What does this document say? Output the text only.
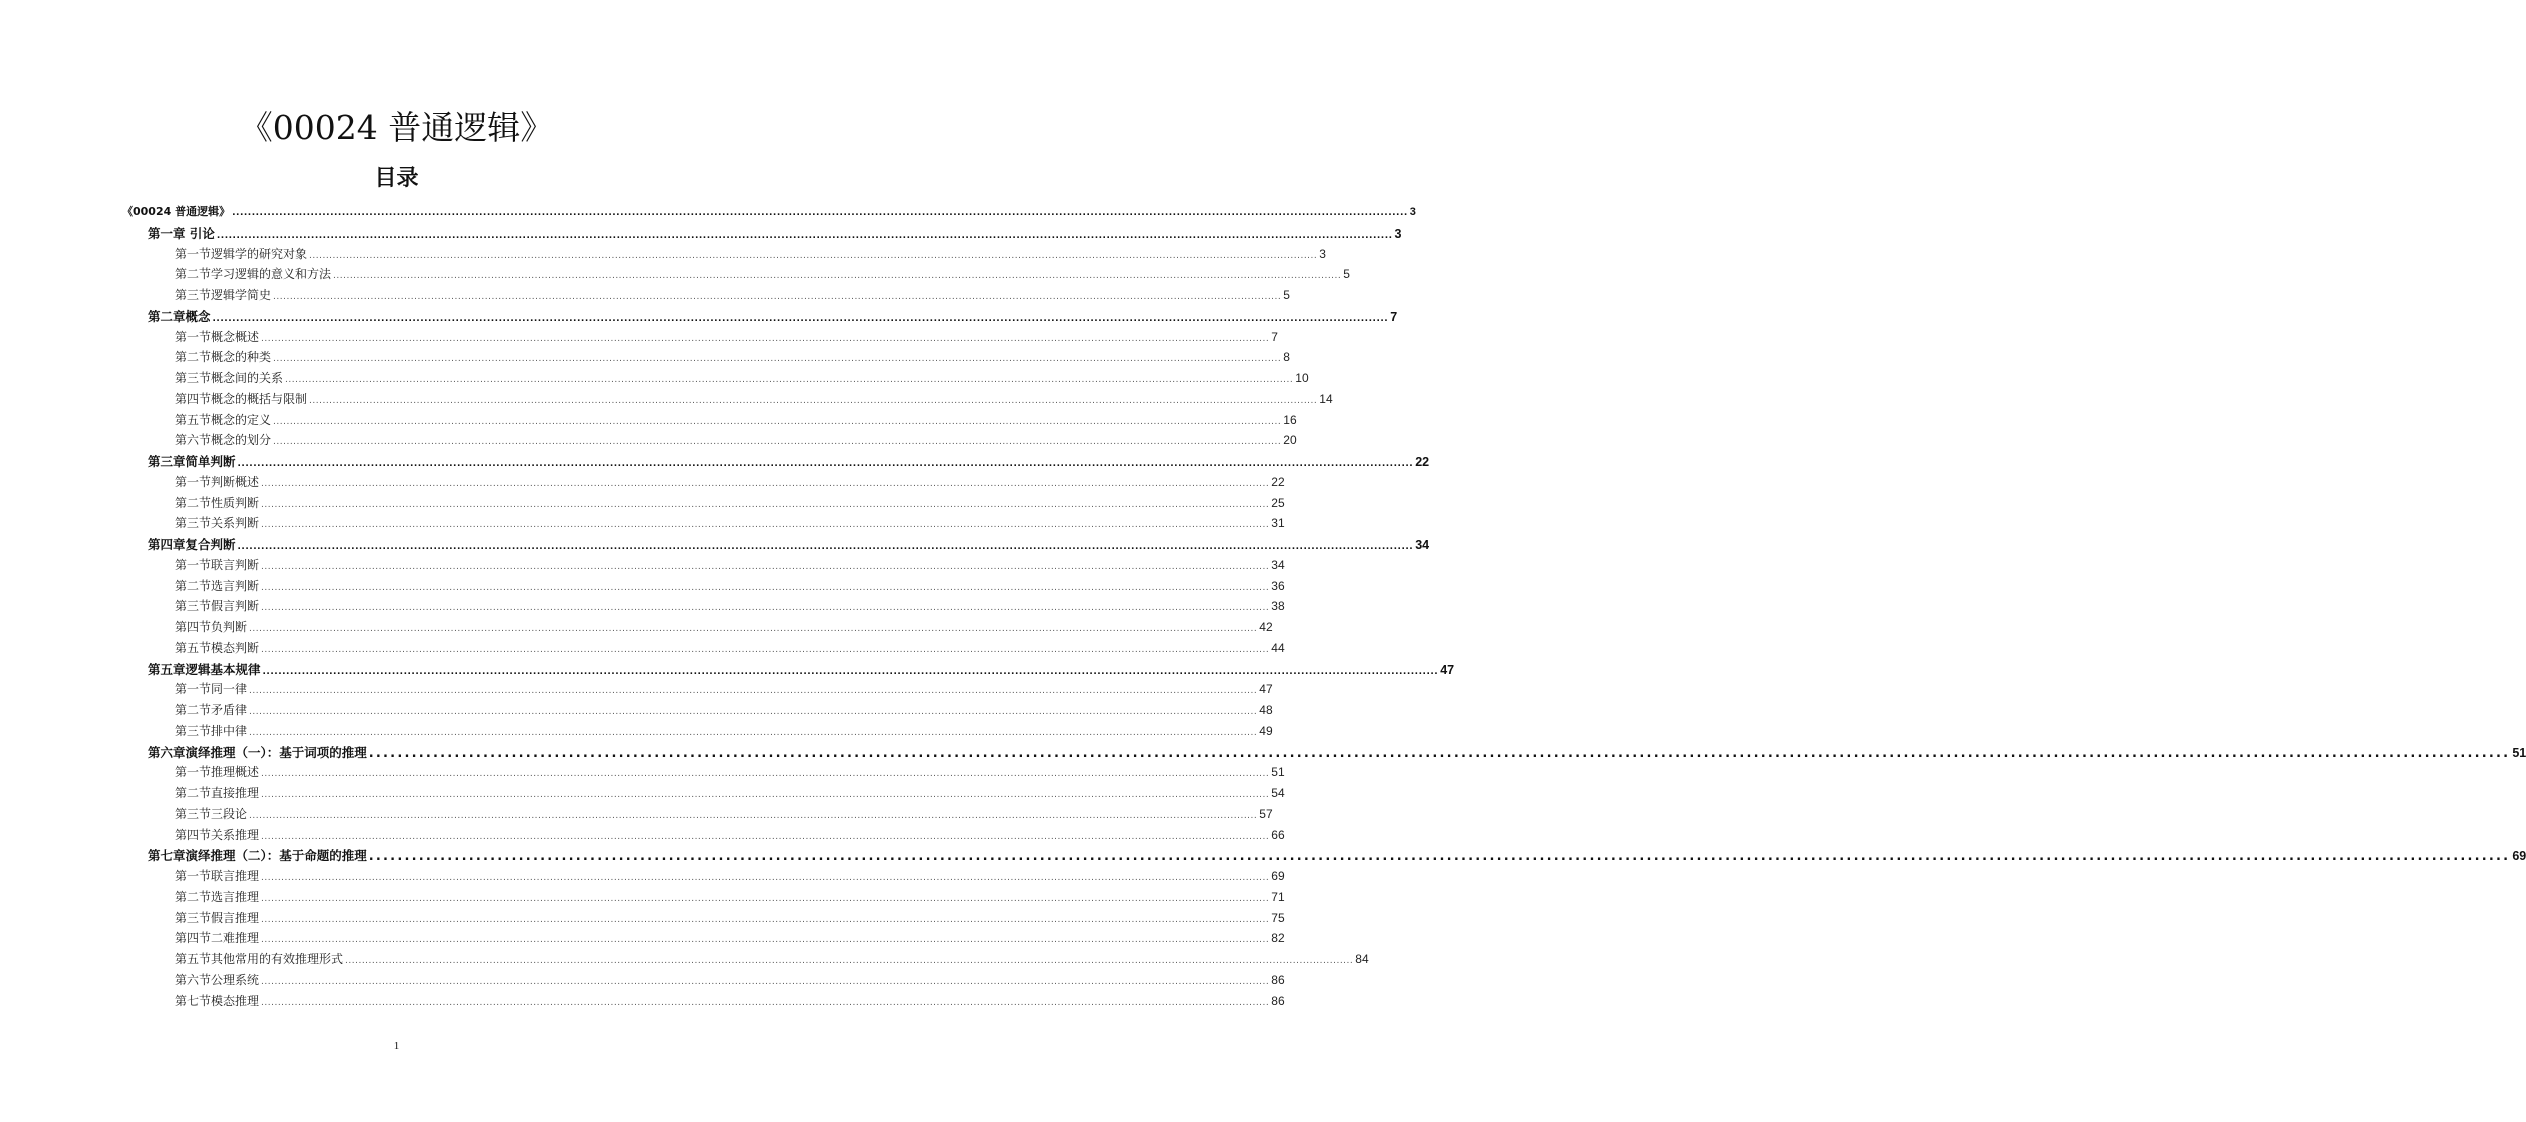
《00024 普通逻辑》
目录
《00024 普通逻辑》 ............................................................................................................................................................................................................................................................................................................ 3
第一章 引论 ............................................................................................................................................................................................................................................................................................................ 3
第一节逻辑学的研究对象 ............................................................................................................................................................................................................................................................................................................ 3
第二节学习逻辑的意义和方法 ............................................................................................................................................................................................................................................................................................................ 5
第三节逻辑学简史 ............................................................................................................................................................................................................................................................................................................ 5
第二章概念 ............................................................................................................................................................................................................................................................................................................ 7
第一节概念概述 ............................................................................................................................................................................................................................................................................................................ 7
第二节概念的种类 ............................................................................................................................................................................................................................................................................................................ 8
第三节概念间的关系 ............................................................................................................................................................................................................................................................................................................ 10
第四节概念的概括与限制 ............................................................................................................................................................................................................................................................................................................ 14
第五节概念的定义 ............................................................................................................................................................................................................................................................................................................ 16
第六节概念的划分 ............................................................................................................................................................................................................................................................................................................ 20
第三章简单判断 ............................................................................................................................................................................................................................................................................................................ 22
第一节判断概述 ............................................................................................................................................................................................................................................................................................................ 22
第二节性质判断 ............................................................................................................................................................................................................................................................................................................ 25
第三节关系判断 ............................................................................................................................................................................................................................................................................................................ 31
第四章复合判断 ............................................................................................................................................................................................................................................................................................................ 34
第一节联言判断 ............................................................................................................................................................................................................................................................................................................ 34
第二节选言判断 ............................................................................................................................................................................................................................................................................................................ 36
第三节假言判断 ............................................................................................................................................................................................................................................................................................................ 38
第四节负判断 ............................................................................................................................................................................................................................................................................................................ 42
第五节模态判断 ............................................................................................................................................................................................................................................................................................................ 44
第五章逻辑基本规律 ............................................................................................................................................................................................................................................................................................................ 47
第一节同一律 ............................................................................................................................................................................................................................................................................................................ 47
第二节矛盾律 ............................................................................................................................................................................................................................................................................................................ 48
第三节排中律 ............................................................................................................................................................................................................................................................................................................ 49
第六章演绎推理（一）：基于词项的推理 ............................................................................................................................................................................................................................................................................................................ 51
第一节推理概述 ............................................................................................................................................................................................................................................................................................................ 51
第二节直接推理 ............................................................................................................................................................................................................................................................................................................ 54
第三节三段论 ............................................................................................................................................................................................................................................................................................................ 57
第四节关系推理 ............................................................................................................................................................................................................................................................................................................ 66
第七章演绎推理（二）：基于命题的推理 ............................................................................................................................................................................................................................................................................................................ 69
第一节联言推理 ............................................................................................................................................................................................................................................................................................................ 69
第二节选言推理 ............................................................................................................................................................................................................................................................................................................ 71
第三节假言推理 ............................................................................................................................................................................................................................................................................................................ 75
第四节二难推理 ............................................................................................................................................................................................................................................................................................................ 82
第五节其他常用的有效推理形式 ............................................................................................................................................................................................................................................................................................................ 84
第六节公理系统 ............................................................................................................................................................................................................................................................................................................ 86
第七节模态推理 ............................................................................................................................................................................................................................................................................................................ 86
1
